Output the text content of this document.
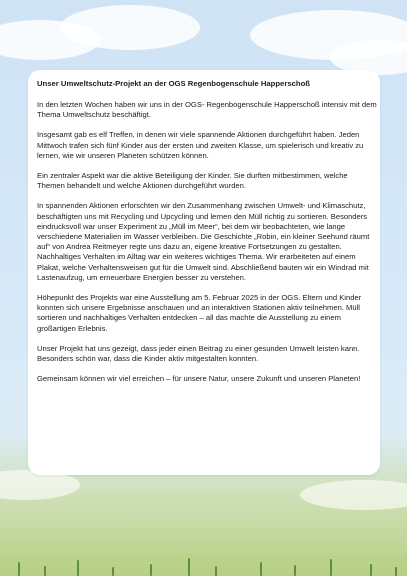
Unser Umweltschutz-Projekt an der OGS Regenbogenschule Happerschoß

In den letzten Wochen haben wir uns in der OGS- Regenbogenschule Happerschoß intensiv mit dem Thema Umweltschutz beschäftigt.

Insgesamt gab es elf Treffen, in denen wir viele spannende Aktionen durchgeführt haben. Jeden Mittwoch trafen sich fünf Kinder aus der ersten und zweiten Klasse, um spielerisch und kreativ zu lernen, wie wir unseren Planeten schützen können.

Ein zentraler Aspekt war die aktive Beteiligung der Kinder. Sie durften mitbestimmen, welche Themen behandelt und welche Aktionen durchgeführt wurden.

In spannenden Aktionen erforschten wir den Zusammenhang zwischen Umwelt- und Klimaschutz, beschäftigten uns mit Recycling und Upcycling und lernen den Müll richtig zu sortieren. Besonders eindrucksvoll war unser Experiment zu „Müll im Meer“, bei dem wir beobachteten, wie lange verschiedene Materialien im Wasser verbleiben. Die Geschichte „Robin, ein kleiner Seehund räumt auf“ von Andrea Reitmeyer regte uns dazu an, eigene kreative Fortsetzungen zu gestalten. Nachhaltiges Verhalten im Alltag war ein weiteres wichtiges Thema. Wir erarbeiteten auf einem Plakat, welche Verhaltensweisen gut für die Umwelt sind. Abschließend bauten wir ein Windrad mit Lastenaufzug, um erneuerbare Energien besser zu verstehen.

Höhepunkt des Projekts war eine Ausstellung am 5. Februar 2025 in der OGS. Eltern und Kinder konnten sich unsere Ergebnisse anschauen und an interaktiven Stationen aktiv teilnehmen. Müll sortieren und nachhaltiges Verhalten entdecken – all das machte die Ausstellung zu einem großartigen Erlebnis.

Unser Projekt hat uns gezeigt, dass jeder einen Beitrag zu einer gesunden Umwelt leisten kann. Besonders schön war, dass die Kinder aktiv mitgestalten konnten.

Gemeinsam können wir viel erreichen – für unsere Natur, unsere Zukunft und unseren Planeten!
